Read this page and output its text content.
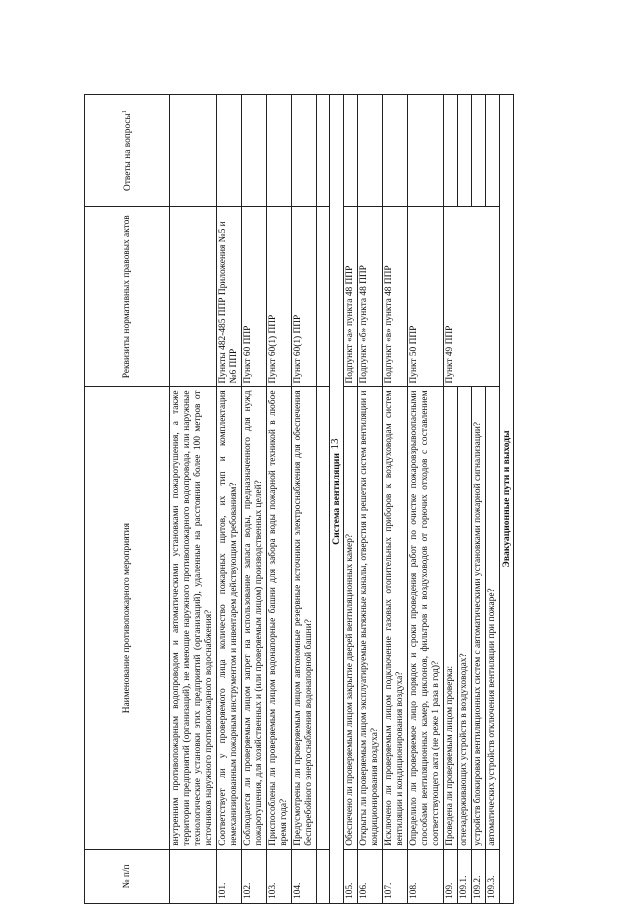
13
№ п/п	Наименование противопожарного мероприятия	Реквизиты нормативных правовых актов	Ответы на вопросы$^1$
	внутренним противопожарным водопроводом и автоматическими установками пожаротушения, а также территории предприятий (организаций), не имеющие наружного противопожарного водопровода, или наружные технологические установки этих предприятий (организаций), удаленные на расстоянии более 100 метров от источников наружного противопожарного водоснабжения?		
101.	Соответствует ли у проверяемого лица количество пожарных щитов, их тип и комплектация немеханизированным пожарным инструментом и инвентарем действующим требованиям?	Пункты 482-485 ППР Приложения №5 и №6 ППР	
102.	Соблюдается ли проверяемым лицом запрет на использование запаса воды, предназначенного для нужд пожаротушения, для хозяйственных и (или проверяемым лицом) производственных целей?	Пункт 60 ППР	
103.	Приспособлены ли проверяемым лицом водонапорные башни для забора воды пожарной техникой в любое время года?	Пункт 60(1) ППР	
104.	Предусмотрены ли проверяемым лицом автономные резервные источники электроснабжения для обеспечения бесперебойного энергоснабжения водонапорной башни?	Пункт 60(1) ППР	

Система вентиляции			
105.	Обеспечено ли проверяемым лицом закрытие дверей вентиляционных камер?	Подпункт «а» пункта 48 ППР	
106.	Открыты ли проверяемым лицом эксплуатируемые вытяжные каналы, отверстия и решетки систем вентиляции и кондиционирования воздуха?	Подпункт «б» пункта 48 ППР	
107.	Исключено ли проверяемым лицом подключение газовых отопительных приборов к воздуховодам систем вентиляции и кондиционирования воздуха?	Подпункт «в» пункта 48 ППР	
108.	Определило ли проверяемое лицо порядок и сроки проведения работ по очистке пожаровзрывоопасными способами вентиляционных камер, циклонов, фильтров и воздуховодов от горючих отходов с составлением соответствующего акта (не реже 1 раза в год)?	Пункт 50 ППР	
109.	Проведена ли проверяемым лицом проверка:	Пункт 49 ППР	
109.1.	огнезадерживающих устройств в воздуховодах?		
109.2.	устройств блокировки вентиляционных систем с автоматическими установками пожарной сигнализации?		
109.3.	автоматических устройств отключения вентиляции при пожаре?		
Эвакуационные пути и выходы			
